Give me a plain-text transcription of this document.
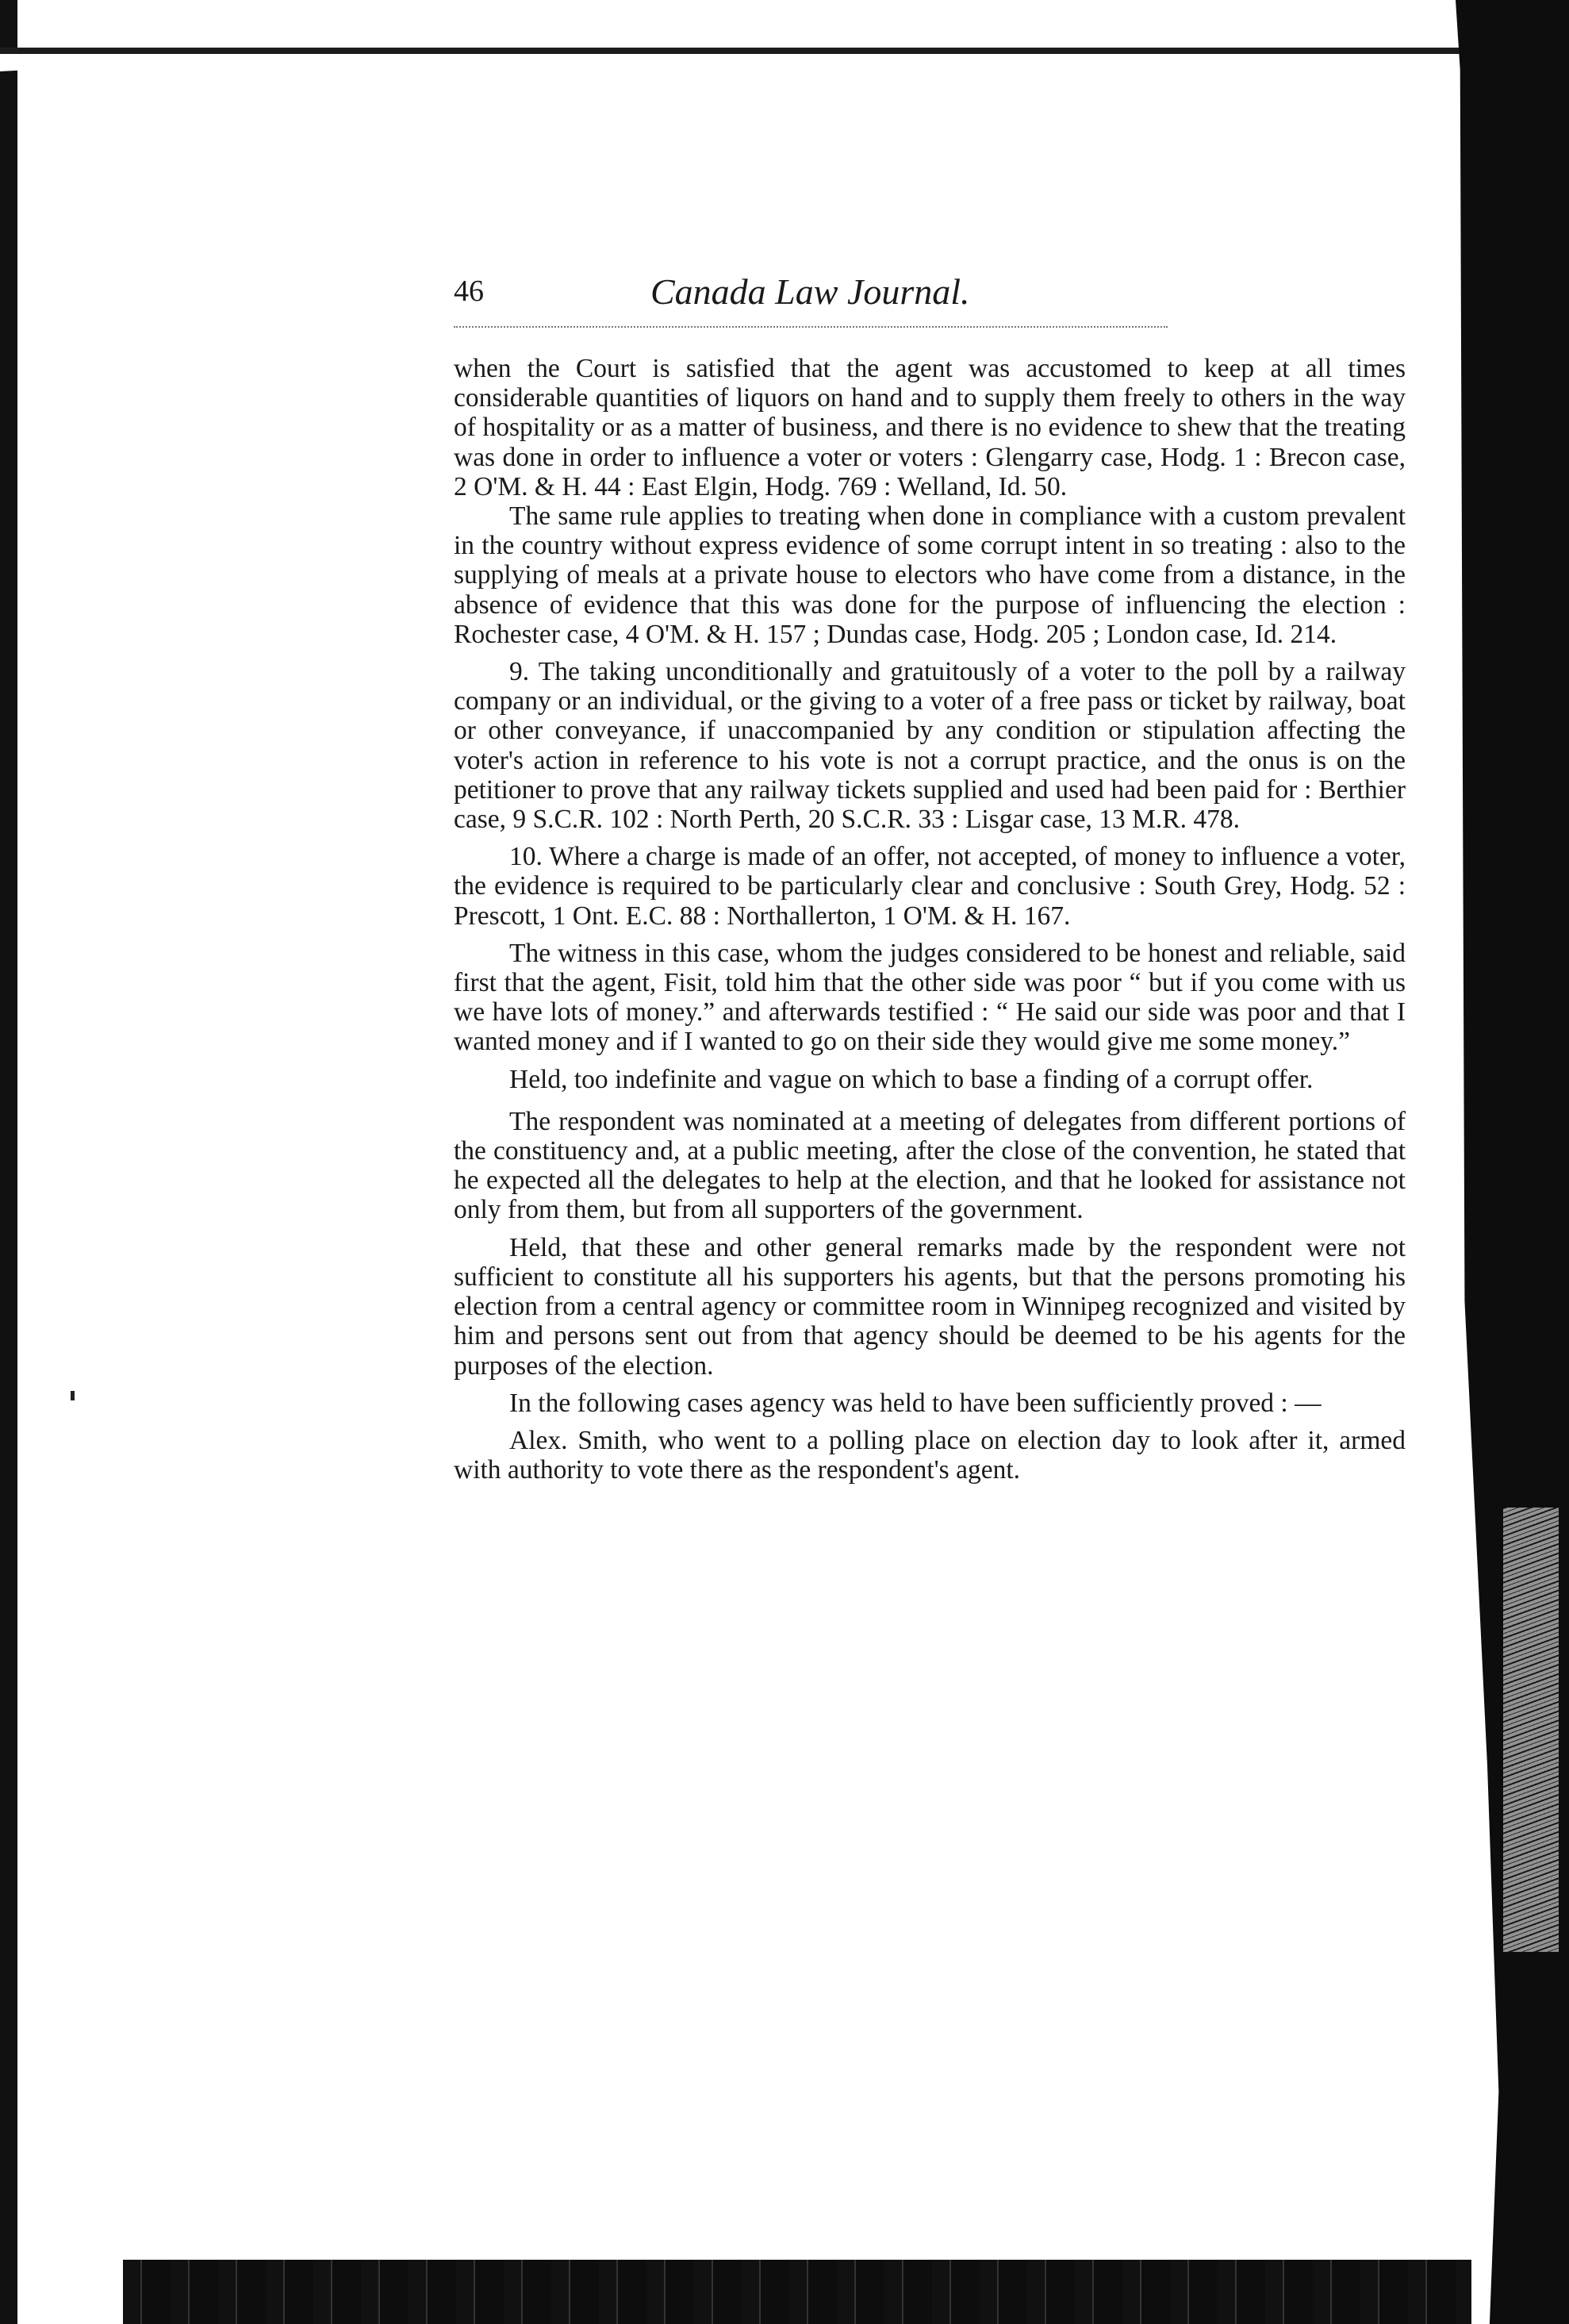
46	Canada Law Journal.

when the Court is satisfied that the agent was accustomed to keep at all times considerable quantities of liquors on hand and to supply them freely to others in the way of hospitality or as a matter of business, and there is no evidence to shew that the treating was done in order to influence a voter or voters : Glengarry case, Hodg. 1 : Brecon case, 2 O'M. & H. 44 : East Elgin, Hodg. 769 : Welland, Id. 50.

The same rule applies to treating when done in compliance with a custom prevalent in the country without express evidence of some corrupt intent in so treating : also to the supplying of meals at a private house to electors who have come from a distance, in the absence of evidence that this was done for the purpose of influencing the election : Rochester case, 4 O'M. & H. 157 ; Dundas case, Hodg. 205 ; London case, Id. 214.

9. The taking unconditionally and gratuitously of a voter to the poll by a railway company or an individual, or the giving to a voter of a free pass or ticket by railway, boat or other conveyance, if unaccompanied by any condition or stipulation affecting the voter's action in reference to his vote is not a corrupt practice, and the onus is on the petitioner to prove that any railway tickets supplied and used had been paid for : Berthier case, 9 S.C.R. 102 : North Perth, 20 S.C.R. 33 : Lisgar case, 13 M.R. 478.

10. Where a charge is made of an offer, not accepted, of money to influence a voter, the evidence is required to be particularly clear and conclusive : South Grey, Hodg. 52 : Prescott, 1 Ont. E.C. 88 : Northallerton, 1 O'M. & H. 167.

The witness in this case, whom the judges considered to be honest and reliable, said first that the agent, Fisit, told him that the other side was poor “ but if you come with us we have lots of money.” and afterwards testified : “ He said our side was poor and that I wanted money and if I wanted to go on their side they would give me some money.”

Held, too indefinite and vague on which to base a finding of a corrupt offer.

The respondent was nominated at a meeting of delegates from different portions of the constituency and, at a public meeting, after the close of the convention, he stated that he expected all the delegates to help at the election, and that he looked for assistance not only from them, but from all supporters of the government.

Held, that these and other general remarks made by the respondent were not sufficient to constitute all his supporters his agents, but that the persons promoting his election from a central agency or committee room in Winnipeg recognized and visited by him and persons sent out from that agency should be deemed to be his agents for the purposes of the election.

In the following cases agency was held to have been sufficiently proved : —

Alex. Smith, who went to a polling place on election day to look after it, armed with authority to vote there as the respondent's agent.
